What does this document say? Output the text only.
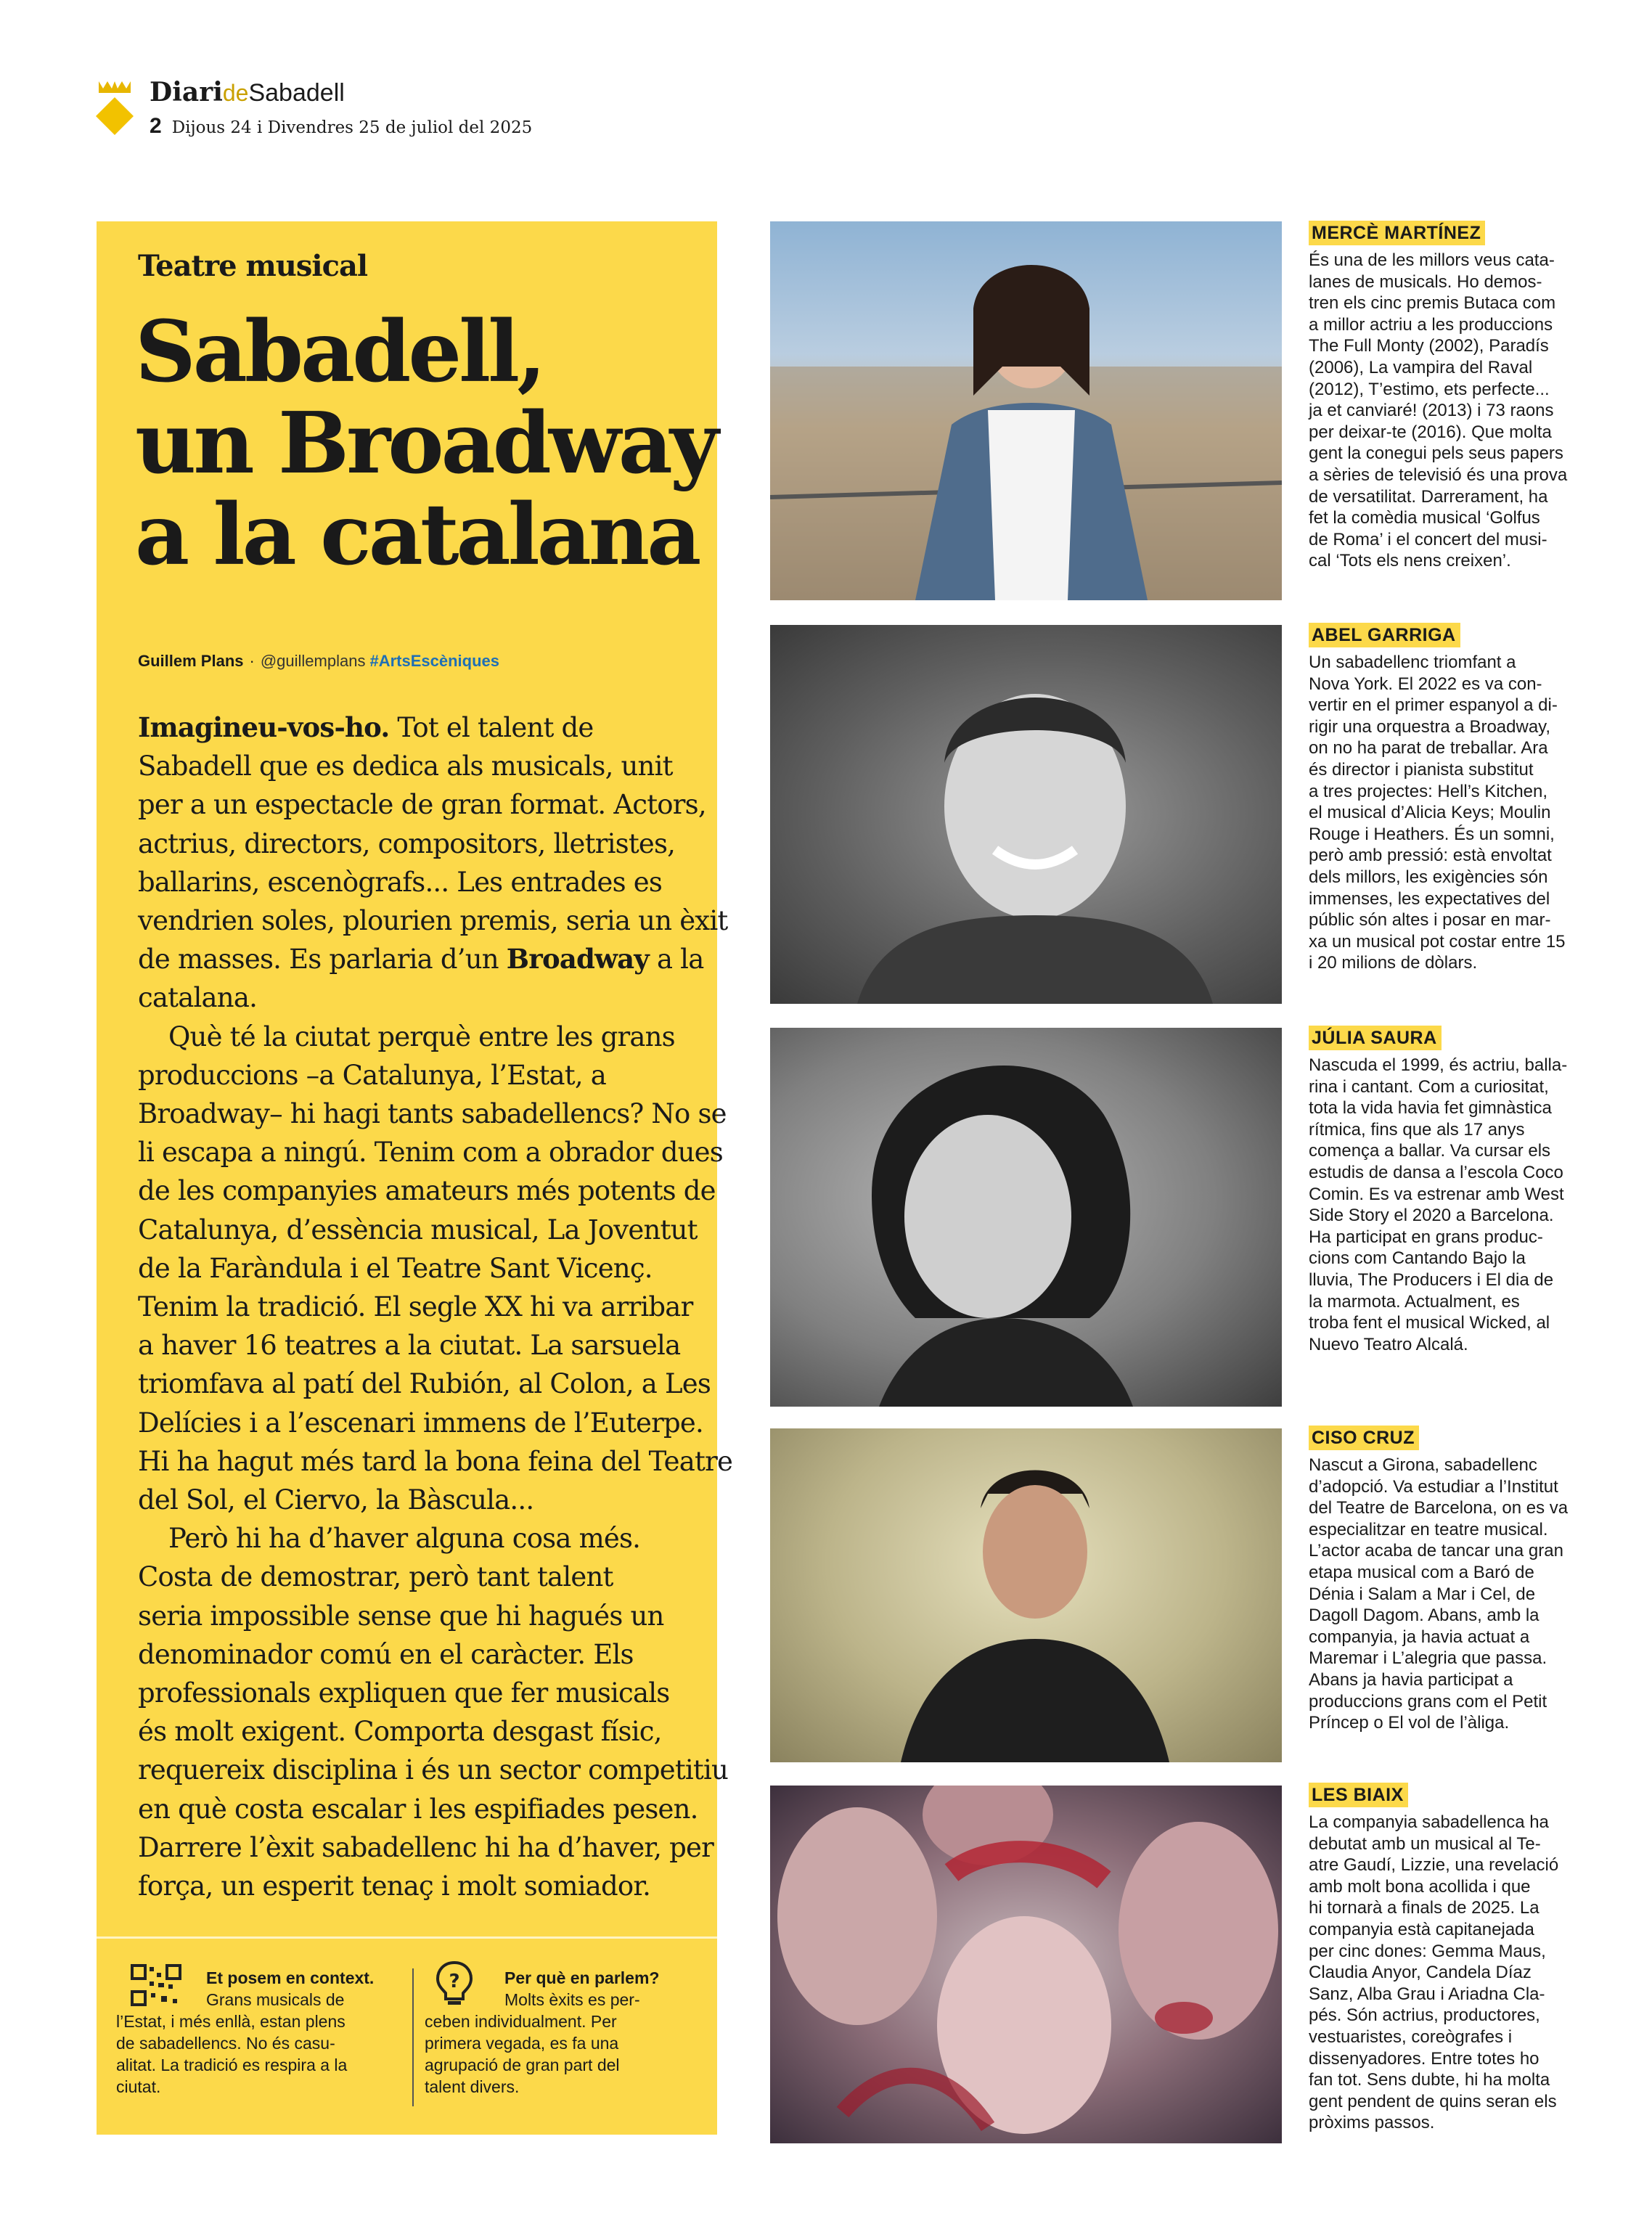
DiarideSabadell
2 Dijous 24 i Divendres 25 de juliol del 2025
Teatre musical
Sabadell,
un Broadway
a la catalana
Guillem Plans · @guillemplans #ArtsEscèniques
Imagineu-vos-ho. Tot el talent de
Sabadell que es dedica als musicals, unit
per a un espectacle de gran format. Actors,
actrius, directors, compositors, lletristes,
ballarins, escenògrafs... Les entrades es
vendrien soles, plourien premis, seria un èxit
de masses. Es parlaria d’un Broadway a la
catalana.
Què té la ciutat perquè entre les grans
produccions –a Catalunya, l’Estat, a
Broadway– hi hagi tants sabadellencs? No se
li escapa a ningú. Tenim com a obrador dues
de les companyies amateurs més potents de
Catalunya, d’essència musical, La Joventut
de la Faràndula i el Teatre Sant Vicenç.
Tenim la tradició. El segle XX hi va arribar
a haver 16 teatres a la ciutat. La sarsuela
triomfava al patí del Rubión, al Colon, a Les
Delícies i a l’escenari immens de l’Euterpe.
Hi ha hagut més tard la bona feina del Teatre
del Sol, el Ciervo, la Bàscula...
Però hi ha d’haver alguna cosa més.
Costa de demostrar, però tant talent
seria impossible sense que hi hagués un
denominador comú en el caràcter. Els
professionals expliquen que fer musicals
és molt exigent. Comporta desgast físic,
requereix disciplina i és un sector competitiu
en què costa escalar i les espifiades pesen.
Darrere l’èxit sabadellenc hi ha d’haver, per
força, un esperit tenaç i molt somiador.
Et posem en context.
Grans musicals de
l’Estat, i més enllà, estan plens
de sabadellencs. No és casu-
alitat. La tradició es respira a la
ciutat.
?	Per què en parlem?
Molts èxits es per-
ceben individualment. Per
primera vegada, es fa una
agrupació de gran part del
talent divers.
MERCÈ MARTÍNEZ
És una de les millors veus cata-
lanes de musicals. Ho demos-
tren els cinc premis Butaca com
a millor actriu a les produccions
The Full Monty (2002), Paradís
(2006), La vampira del Raval
(2012), T’estimo, ets perfecte...
ja et canviaré! (2013) i 73 raons
per deixar-te (2016). Que molta
gent la conegui pels seus papers
a sèries de televisió és una prova
de versatilitat. Darrerament, ha
fet la comèdia musical ‘Golfus
de Roma’ i el concert del musi-
cal ‘Tots els nens creixen’.
ABEL GARRIGA
Un sabadellenc triomfant a
Nova York. El 2022 es va con-
vertir en el primer espanyol a di-
rigir una orquestra a Broadway,
on no ha parat de treballar. Ara
és director i pianista substitut
a tres projectes: Hell’s Kitchen,
el musical d’Alicia Keys; Moulin
Rouge i Heathers. És un somni,
però amb pressió: està envoltat
dels millors, les exigències són
immenses, les expectatives del
públic són altes i posar en mar-
xa un musical pot costar entre 15
i 20 milions de dòlars.
JÚLIA SAURA
Nascuda el 1999, és actriu, balla-
rina i cantant. Com a curiositat,
tota la vida havia fet gimnàstica
rítmica, fins que als 17 anys
comença a ballar. Va cursar els
estudis de dansa a l’escola Coco
Comin. Es va estrenar amb West
Side Story el 2020 a Barcelona.
Ha participat en grans produc-
cions com Cantando Bajo la
lluvia, The Producers i El dia de
la marmota. Actualment, es
troba fent el musical Wicked, al
Nuevo Teatro Alcalá.
CISO CRUZ
Nascut a Girona, sabadellenc
d’adopció. Va estudiar a l’Institut
del Teatre de Barcelona, on es va
especialitzar en teatre musical.
L’actor acaba de tancar una gran
etapa musical com a Baró de
Dénia i Salam a Mar i Cel, de
Dagoll Dagom. Abans, amb la
companyia, ja havia actuat a
Maremar i L’alegria que passa.
Abans ja havia participat a
produccions grans com el Petit
Príncep o El vol de l’àliga.
LES BIAIX
La companyia sabadellenca ha
debutat amb un musical al Te-
atre Gaudí, Lizzie, una revelació
amb molt bona acollida i que
hi tornarà a finals de 2025. La
companyia està capitanejada
per cinc dones: Gemma Maus,
Claudia Anyor, Candela Díaz
Sanz, Alba Grau i Ariadna Cla-
pés. Són actrius, productores,
vestuaristes, coreògrafes i
dissenyadores. Entre totes ho
fan tot. Sens dubte, hi ha molta
gent pendent de quins seran els
pròxims passos.
